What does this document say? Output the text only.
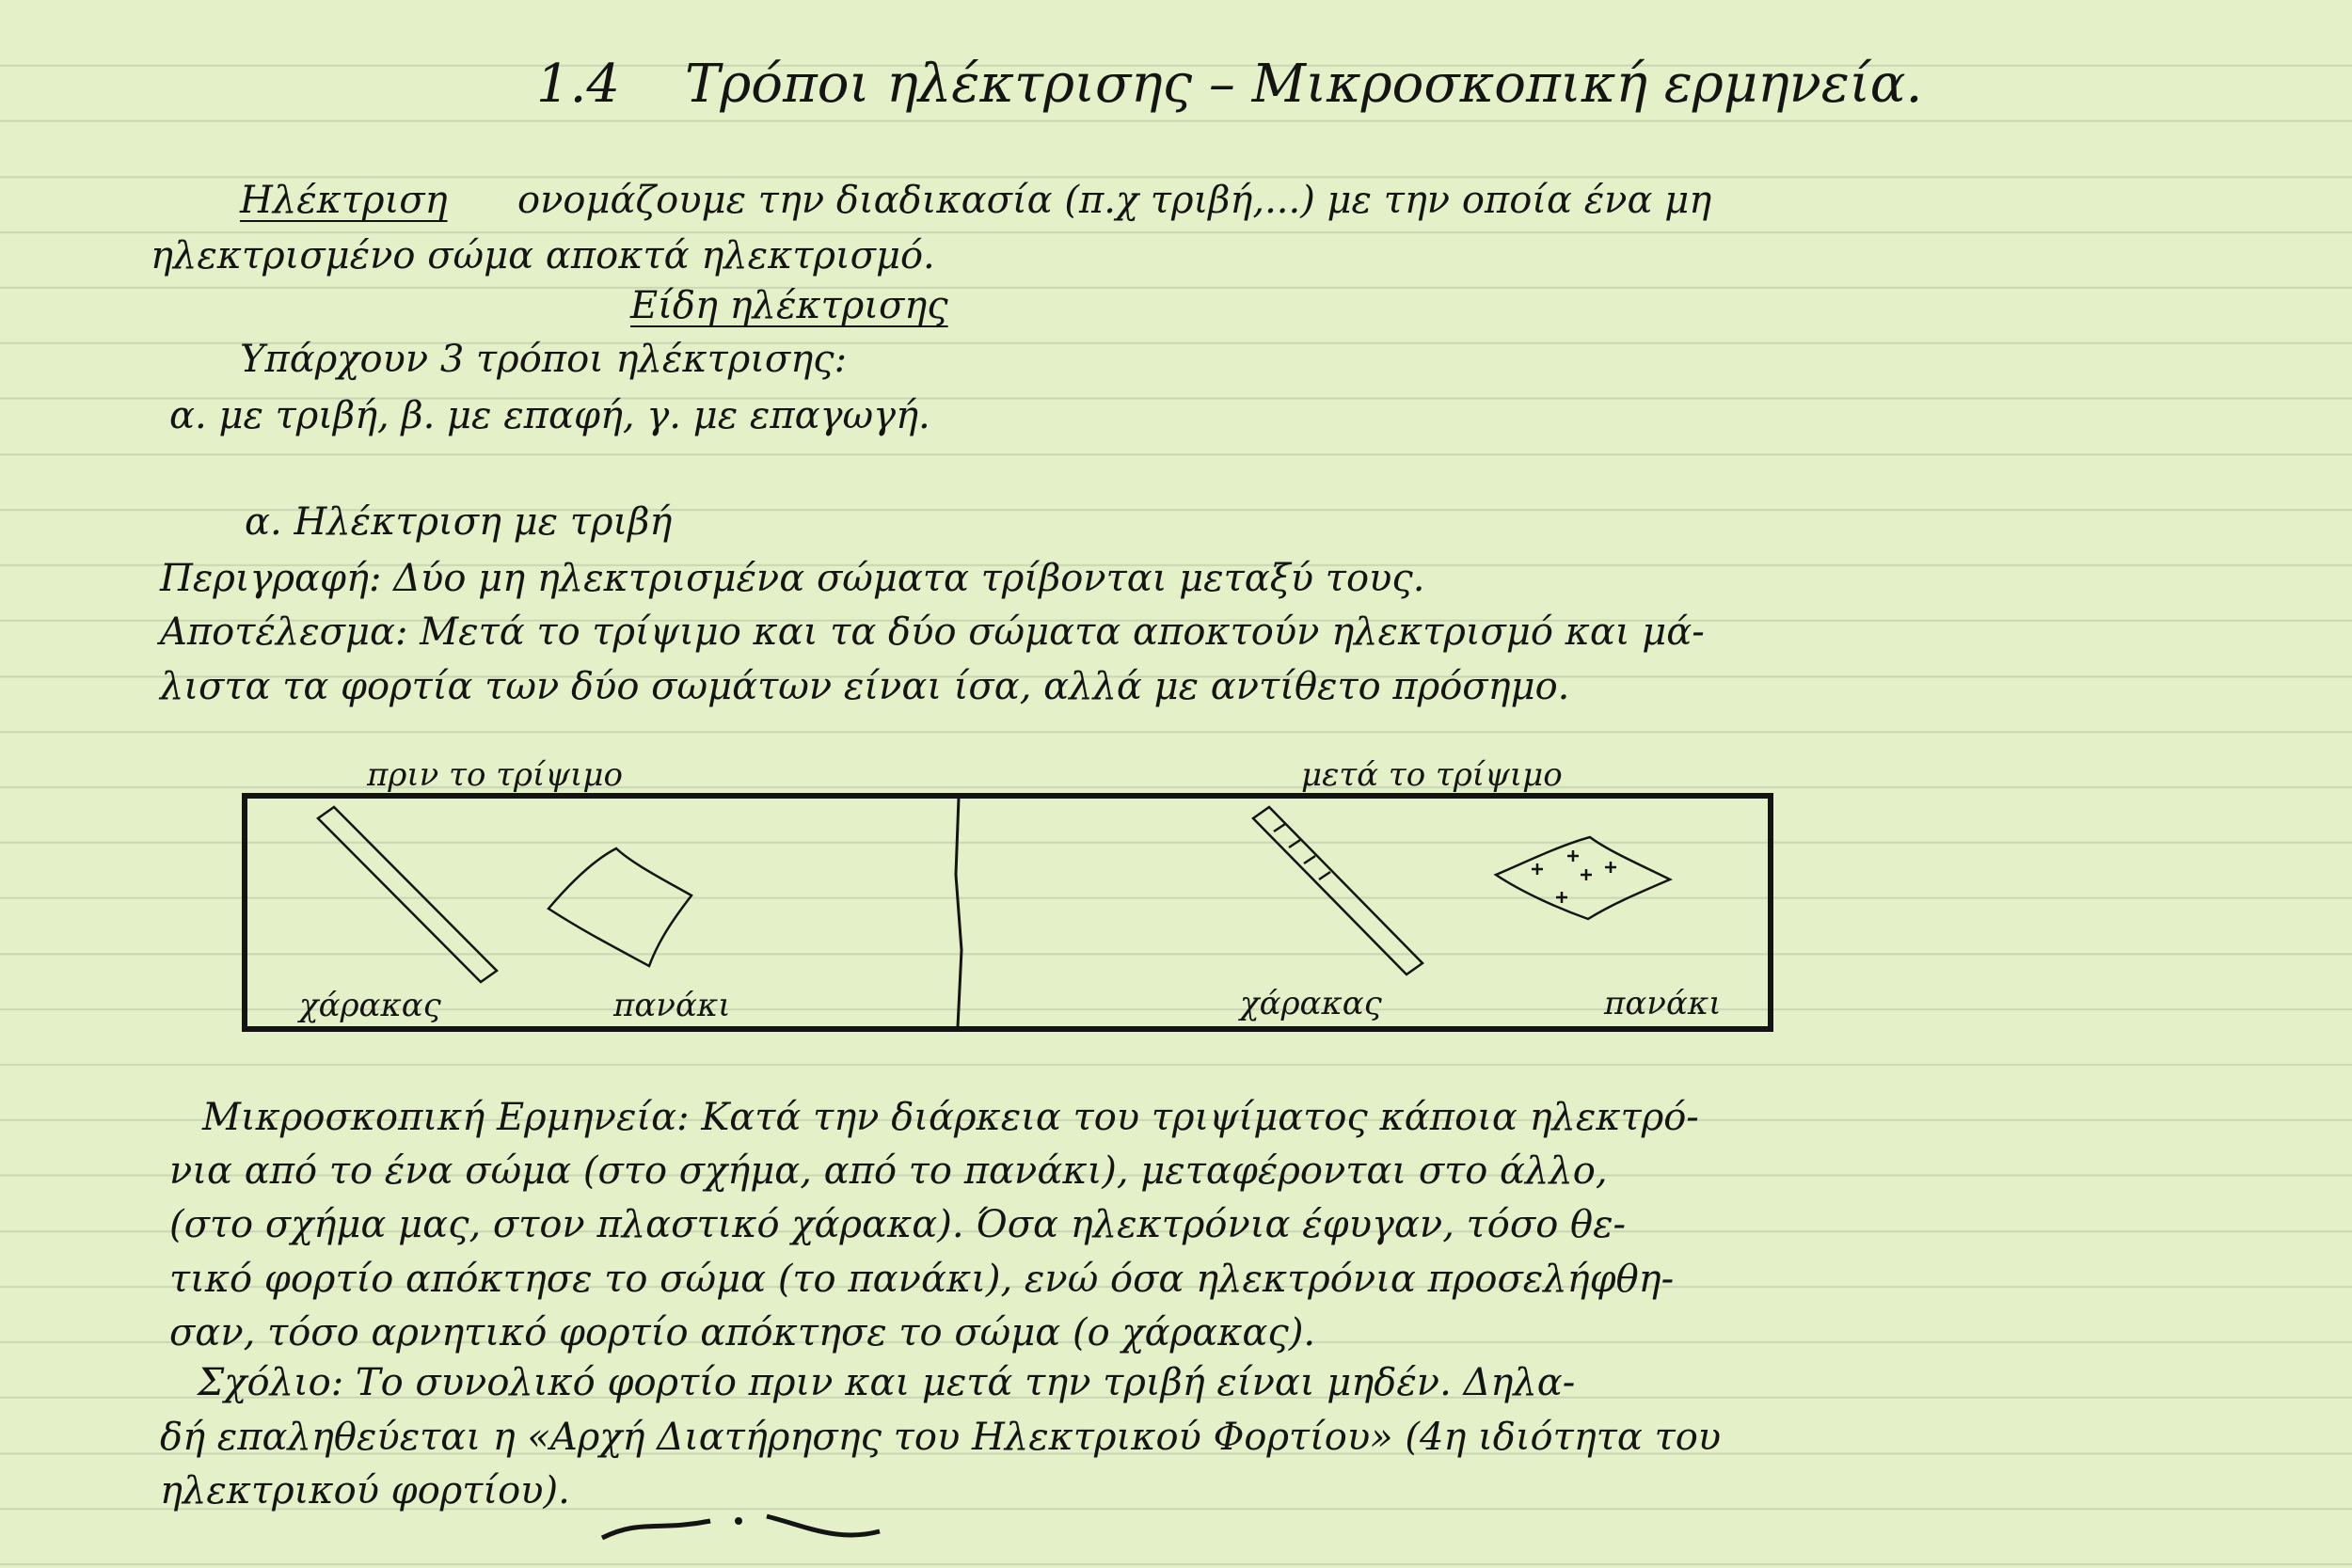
1.4 Τρόποι ηλέκτρισης – Μικροσκοπική ερμηνεία.
Ηλέκτριση ονομάζουμε την διαδικασία (π.χ τριβή,...) με την οποία ένα μη
ηλεκτρισμένο σώμα αποκτά ηλεκτρισμό.
Είδη ηλέκτρισης
Υπάρχουν 3 τρόποι ηλέκτρισης:
α. με τριβή, β. με επαφή, γ. με επαγωγή.
α. Ηλέκτριση με τριβή
Περιγραφή: Δύο μη ηλεκτρισμένα σώματα τρίβονται μεταξύ τους.
Αποτέλεσμα: Μετά το τρίψιμο και τα δύο σώματα αποκτούν ηλεκτρισμό και μά-
λιστα τα φορτία των δύο σωμάτων είναι ίσα, αλλά με αντίθετο πρόσημο.
πριν το τρίψιμο	μετά το τρίψιμο
χάρακας	πανάκι	χάρακας	πανάκι
Μικροσκοπική Ερμηνεία: Κατά την διάρκεια του τριψίματος κάποια ηλεκτρό-
νια από το ένα σώμα (στο σχήμα, από το πανάκι), μεταφέρονται στο άλλο,
(στο σχήμα μας, στον πλαστικό χάρακα). Όσα ηλεκτρόνια έφυγαν, τόσο θε-
τικό φορτίο απόκτησε το σώμα (το πανάκι), ενώ όσα ηλεκτρόνια προσελήφθη-
σαν, τόσο αρνητικό φορτίο απόκτησε το σώμα (ο χάρακας).
Σχόλιο: Το συνολικό φορτίο πριν και μετά την τριβή είναι μηδέν. Δηλα-
δή επαληθεύεται η «Αρχή Διατήρησης του Ηλεκτρικού Φορτίου» (4η ιδιότητα του
ηλεκτρικού φορτίου).
